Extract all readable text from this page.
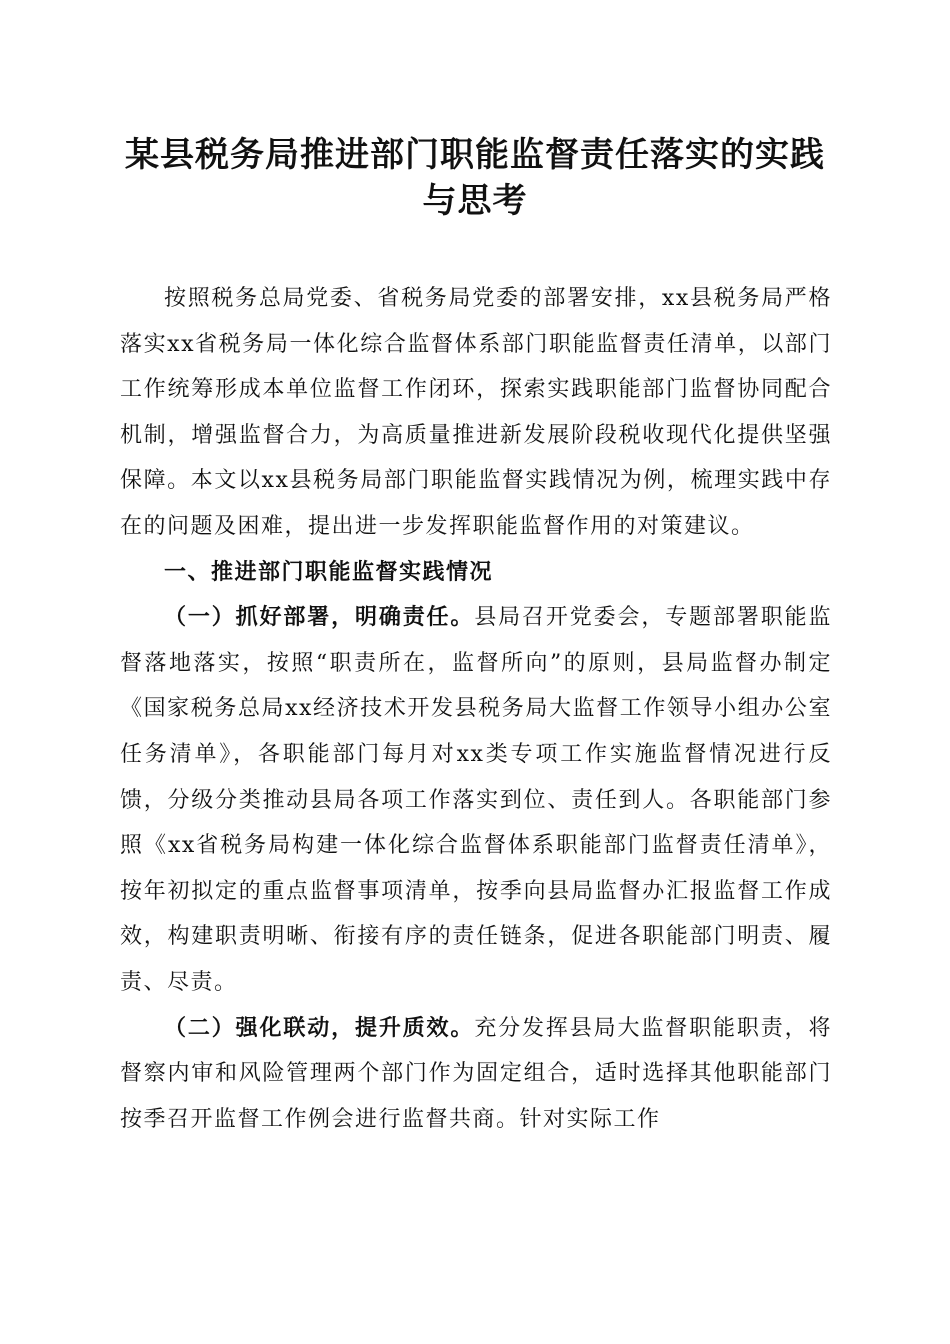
某县税务局推进部门职能监督责任落实的实践
与思考

按照税务总局党委、省税务局党委的部署安排，xx县税务局严格落实xx省税务局一体化综合监督体系部门职能监督责任清单，以部门工作统筹形成本单位监督工作闭环，探索实践职能部门监督协同配合机制，增强监督合力，为高质量推进新发展阶段税收现代化提供坚强保障。本文以xx县税务局部门职能监督实践情况为例，梳理实践中存在的问题及困难，提出进一步发挥职能监督作用的对策建议。

一、推进部门职能监督实践情况

（一）抓好部署，明确责任。县局召开党委会，专题部署职能监督落地落实，按照“职责所在，监督所向”的原则，县局监督办制定《国家税务总局xx经济技术开发县税务局大监督工作领导小组办公室任务清单》，各职能部门每月对xx类专项工作实施监督情况进行反馈，分级分类推动县局各项工作落实到位、责任到人。各职能部门参照《xx省税务局构建一体化综合监督体系职能部门监督责任清单》，按年初拟定的重点监督事项清单，按季向县局监督办汇报监督工作成效，构建职责明晰、衔接有序的责任链条，促进各职能部门明责、履责、尽责。

（二）强化联动，提升质效。充分发挥县局大监督职能职责，将督察内审和风险管理两个部门作为固定组合，适时选择其他职能部门按季召开监督工作例会进行监督共商。针对实际工作
